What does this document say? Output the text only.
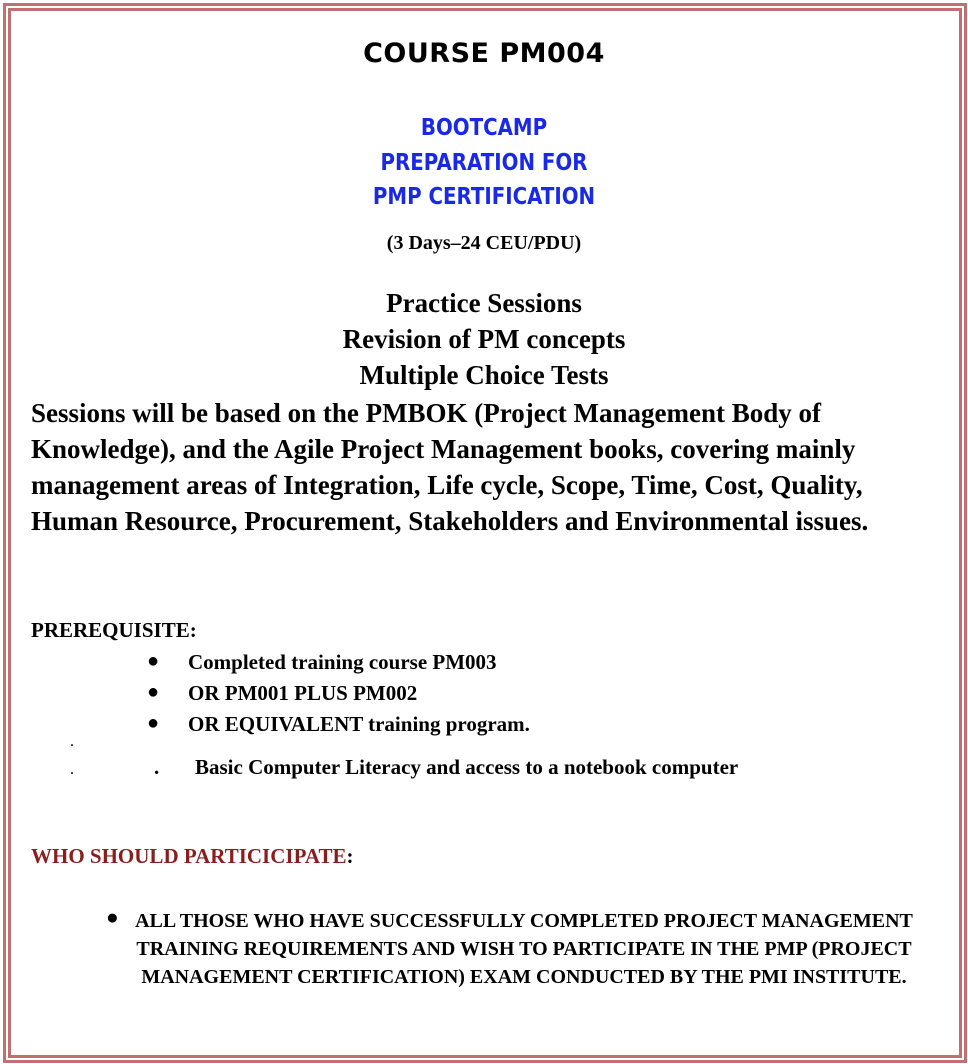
COURSE PM004
BOOTCAMP
PREPARATION FOR
PMP CERTIFICATION
(3 Days–24 CEU/PDU)
Practice Sessions
Revision of PM concepts
Multiple Choice Tests
Sessions will be based on the PMBOK (Project Management Body of Knowledge), and the Agile Project Management books, covering mainly management areas of Integration, Life cycle, Scope, Time, Cost, Quality, Human Resource, Procurement, Stakeholders and Environmental issues.
PREREQUISITE:
● Completed training course PM003
● OR PM001 PLUS PM002
● OR EQUIVALENT training program.
·
·	. Basic Computer Literacy and access to a notebook computer
WHO SHOULD PARTICICIPATE:
● ALL THOSE WHO HAVE SUCCESSFULLY COMPLETED PROJECT MANAGEMENT TRAINING REQUIREMENTS AND WISH TO PARTICIPATE IN THE PMP (PROJECT MANAGEMENT CERTIFICATION) EXAM CONDUCTED BY THE PMI INSTITUTE.
